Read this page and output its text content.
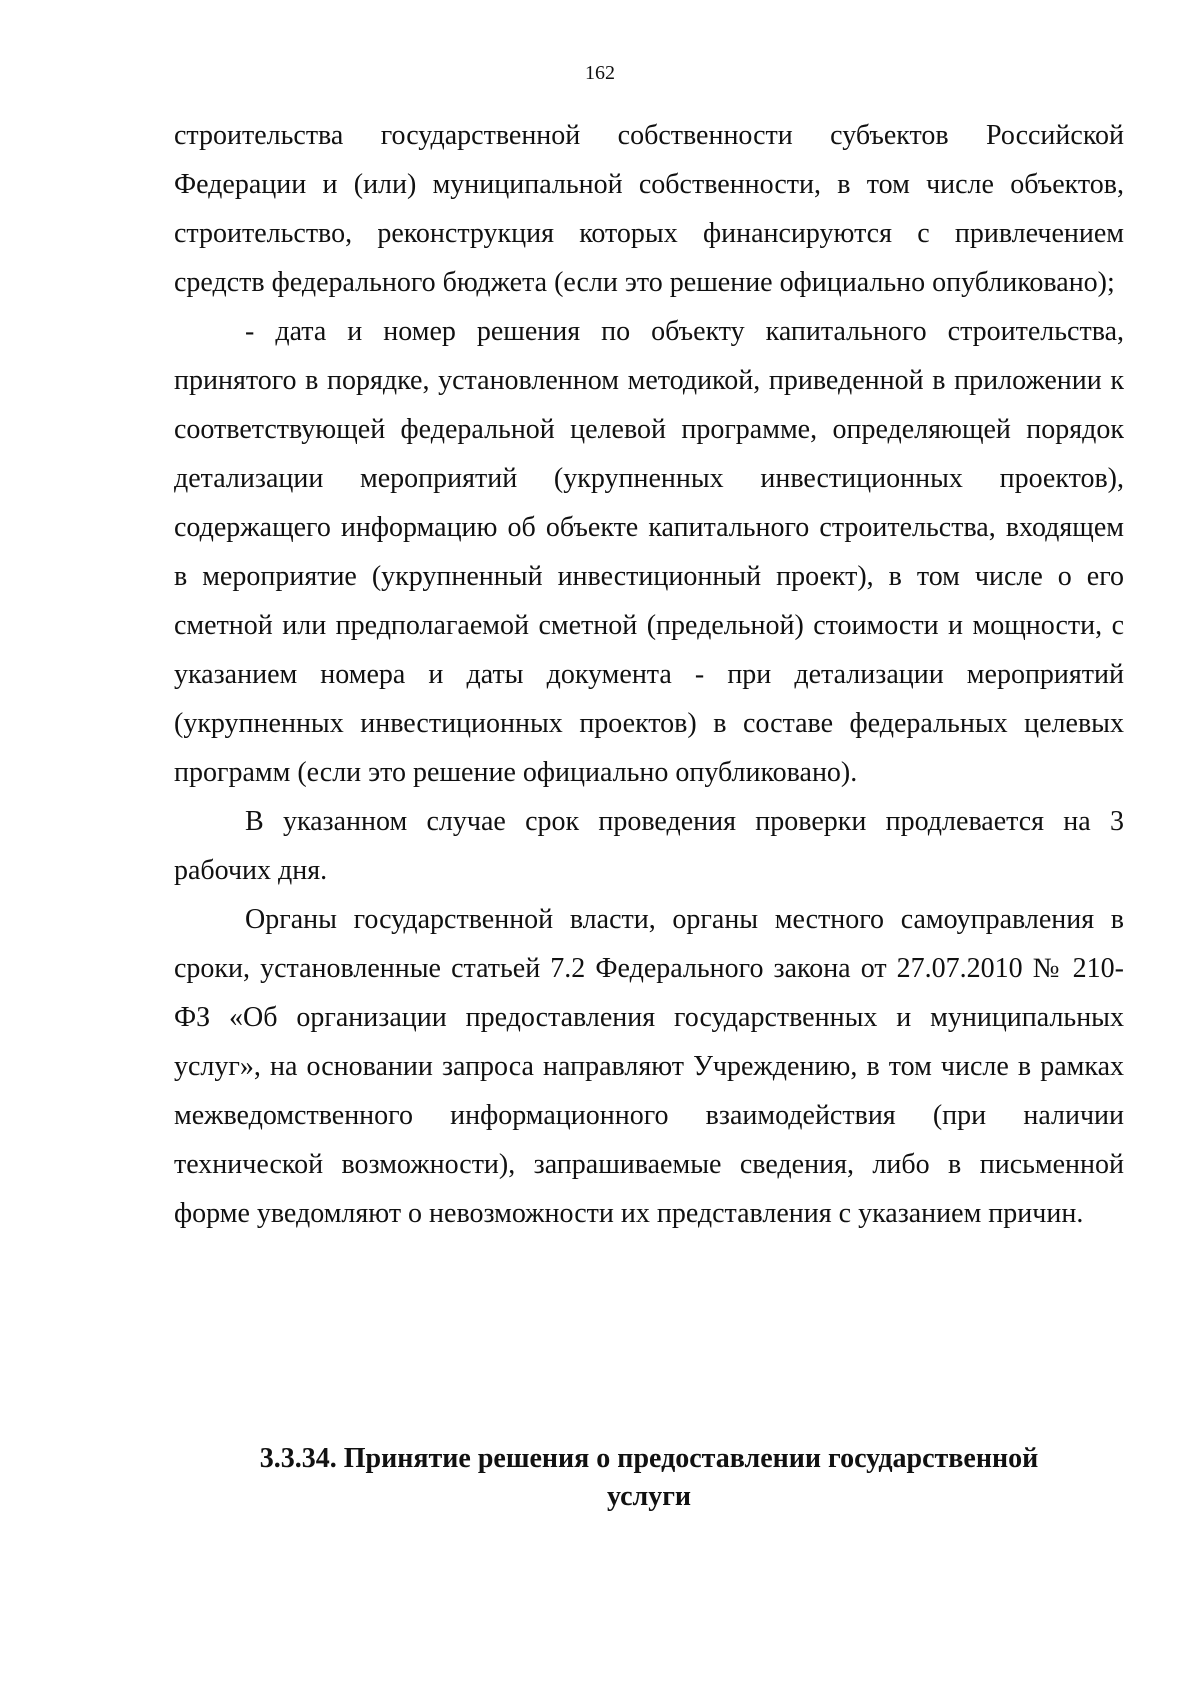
162

строительства государственной собственности субъектов Российской Федерации и (или) муниципальной собственности, в том числе объектов, строительство, реконструкция которых финансируются с привлечением средств федерального бюджета (если это решение официально опубликовано);

- дата и номер решения по объекту капитального строительства, принятого в порядке, установленном методикой, приведенной в приложении к соответствующей федеральной целевой программе, определяющей порядок детализации мероприятий (укрупненных инвестиционных проектов), содержащего информацию об объекте капитального строительства, входящем в мероприятие (укрупненный инвестиционный проект), в том числе о его сметной или предполагаемой сметной (предельной) стоимости и мощности, с указанием номера и даты документа - при детализации мероприятий (укрупненных инвестиционных проектов) в составе федеральных целевых программ (если это решение официально опубликовано).

В указанном случае срок проведения проверки продлевается на 3 рабочих дня.

Органы государственной власти, органы местного самоуправления в сроки, установленные статьей 7.2 Федерального закона от 27.07.2010 № 210-ФЗ «Об организации предоставления государственных и муниципальных услуг», на основании запроса направляют Учреждению, в том числе в рамках межведомственного информационного взаимодействия (при наличии технической возможности), запрашиваемые сведения, либо в письменной форме уведомляют о невозможности их представления с указанием причин.

3.3.34. Принятие решения о предоставлении государственной
услуги
